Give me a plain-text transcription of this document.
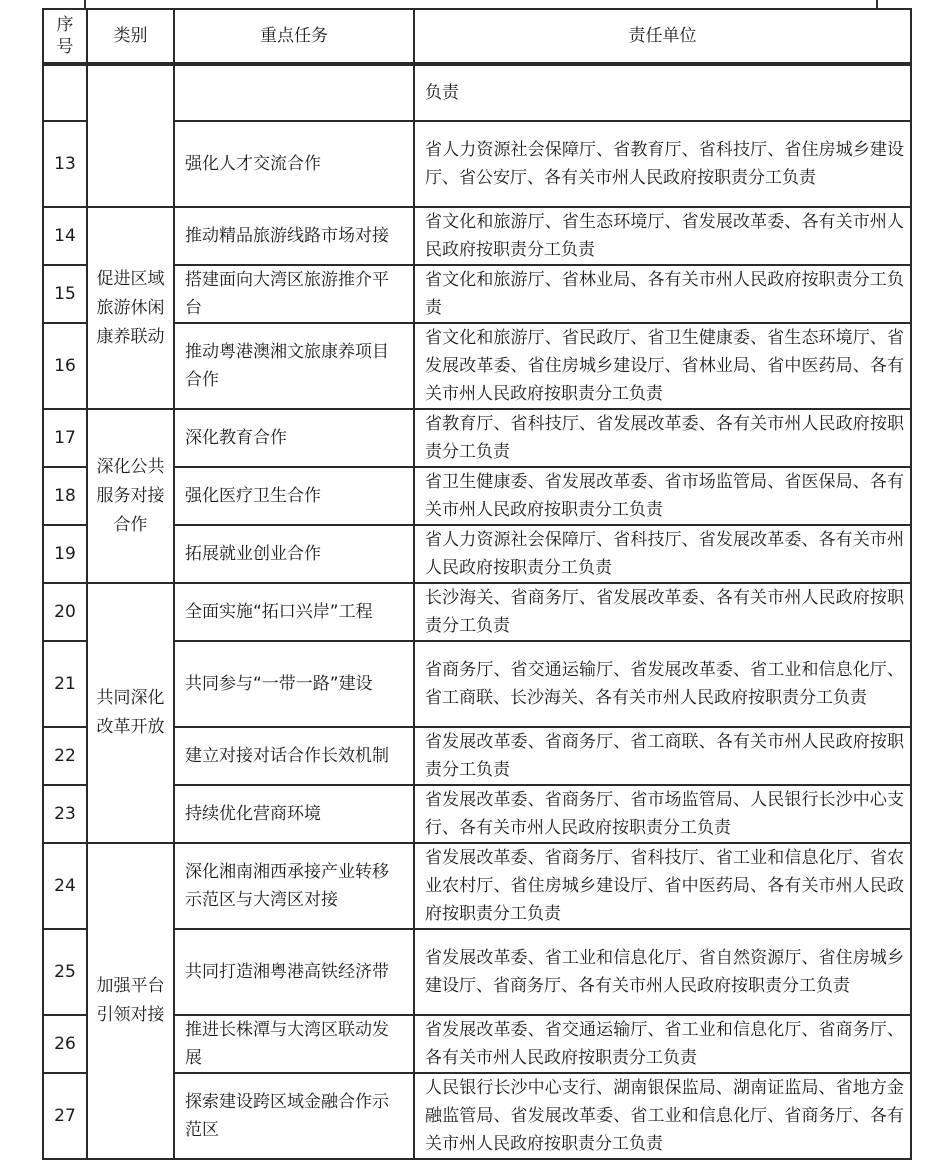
序号	类别	重点任务	责任单位
			负责
13		强化人才交流合作	省人力资源社会保障厅、省教育厅、省科技厅、省住房城乡建设厅、省公安厅、各有关市州人民政府按职责分工负责
14	促进区域旅游休闲康养联动	推动精品旅游线路市场对接	省文化和旅游厅、省生态环境厅、省发展改革委、各有关市州人民政府按职责分工负责
15		搭建面向大湾区旅游推介平台	省文化和旅游厅、省林业局、各有关市州人民政府按职责分工负责
16		推动粤港澳湘文旅康养项目合作	省文化和旅游厅、省民政厅、省卫生健康委、省生态环境厅、省发展改革委、省住房城乡建设厅、省林业局、省中医药局、各有关市州人民政府按职责分工负责
17	深化公共服务对接合作	深化教育合作	省教育厅、省科技厅、省发展改革委、各有关市州人民政府按职责分工负责
18		强化医疗卫生合作	省卫生健康委、省发展改革委、省市场监管局、省医保局、各有关市州人民政府按职责分工负责
19		拓展就业创业合作	省人力资源社会保障厅、省科技厅、省发展改革委、各有关市州人民政府按职责分工负责
20	共同深化改革开放	全面实施“拓口兴岸”工程	长沙海关、省商务厅、省发展改革委、各有关市州人民政府按职责分工负责
21		共同参与“一带一路”建设	省商务厅、省交通运输厅、省发展改革委、省工业和信息化厅、省工商联、长沙海关、各有关市州人民政府按职责分工负责
22		建立对接对话合作长效机制	省发展改革委、省商务厅、省工商联、各有关市州人民政府按职责分工负责
23		持续优化营商环境	省发展改革委、省商务厅、省市场监管局、人民银行长沙中心支行、各有关市州人民政府按职责分工负责
24	加强平台引领对接	深化湘南湘西承接产业转移示范区与大湾区对接	省发展改革委、省商务厅、省科技厅、省工业和信息化厅、省农业农村厅、省住房城乡建设厅、省中医药局、各有关市州人民政府按职责分工负责
25		共同打造湘粤港高铁经济带	省发展改革委、省工业和信息化厅、省自然资源厅、省住房城乡建设厅、省商务厅、各有关市州人民政府按职责分工负责
26		推进长株潭与大湾区联动发展	省发展改革委、省交通运输厅、省工业和信息化厅、省商务厅、各有关市州人民政府按职责分工负责
27		探索建设跨区域金融合作示范区	人民银行长沙中心支行、湖南银保监局、湖南证监局、省地方金融监管局、省发展改革委、省工业和信息化厅、省商务厅、各有关市州人民政府按职责分工负责
